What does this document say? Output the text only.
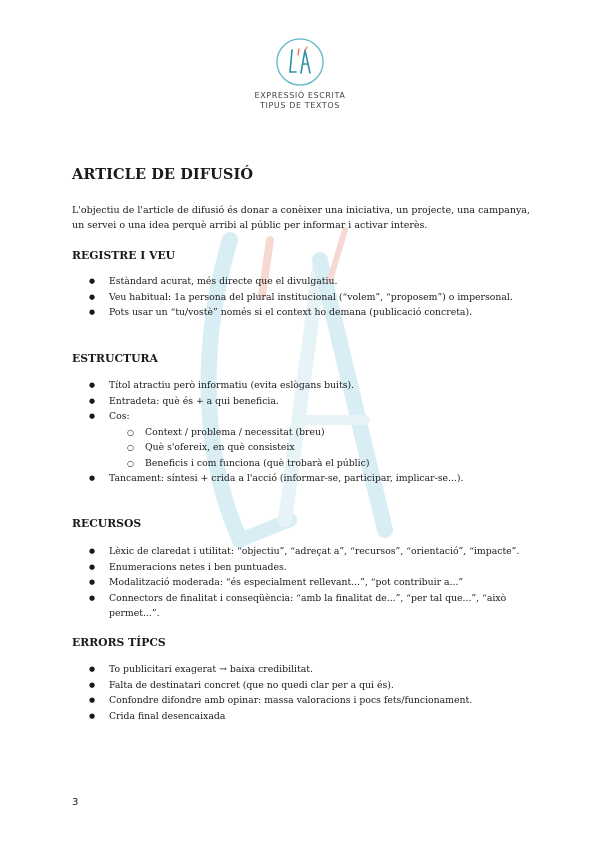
EXPRESSIÓ ESCRITA
TIPUS DE TEXTOS
ARTICLE DE DIFUSIÓ

L'objectiu de l'article de difusió és donar a conèixer una iniciativa, un projecte, una campanya, un servei o una idea perquè arribi al públic per informar i activar interès.

REGISTRE I VEU
● Estàndard acurat, més directe que el divulgatiu.
● Veu habitual: 1a persona del plural institucional (“volem”, “proposem”) o impersonal.
● Pots usar un “tu/vostè” només si el context ho demana (publicació concreta).
ESTRUCTURA
● Títol atractiu però informatiu (evita eslògans buits).
● Entradeta: què és + a qui beneficia.
● Cos:
○ Context / problema / necessitat (breu)
○ Què s'ofereix, en què consisteix
○ Beneficis i com funciona (què trobarà el públic)
● Tancament: síntesi + crida a l'acció (informar-se, participar, implicar-se...).
RECURSOS
● Lèxic de claredat i utilitat: “objectiu”, “adreçat a”, “recursos”, “orientació”, “impacte”.
● Enumeracions netes i ben puntuades.
● Modalització moderada: “és especialment rellevant...”, “pot contribuir a...”
● Connectors de finalitat i conseqüència: “amb la finalitat de...”, “per tal que...”, “això permet...”.
ERRORS TÍPCS
● To publicitari exagerat → baixa credibilitat.
● Falta de destinatari concret (que no quedi clar per a qui és).
● Confondre difondre amb opinar: massa valoracions i pocs fets/funcionament.
● Crida final desencaixada
3
